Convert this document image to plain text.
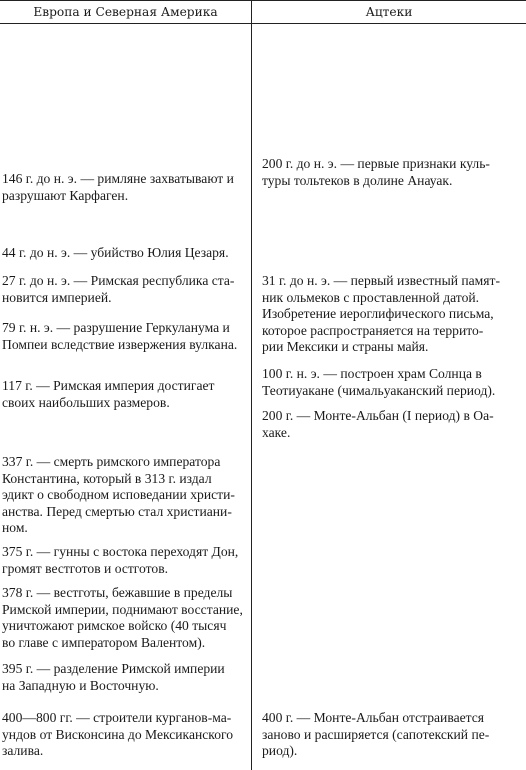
Европа и Северная Америка	Ацтеки
146 г. до н. э. — римляне захватывают и
разрушают Карфаген.
44 г. до н. э. — убийство Юлия Цезаря.
27 г. до н. э. — Римская республика ста-
новится империей.
79 г. н. э. — разрушение Геркуланума и
Помпеи вследствие извержения вулкана.
117 г. — Римская империя достигает
своих наибольших размеров.
337 г. — смерть римского императора
Константина, который в 313 г. издал
эдикт о свободном исповедании христи-
анства. Перед смертью стал христиани-
ном.
375 г. — гунны с востока переходят Дон,
громят вестготов и остготов.
378 г. — вестготы, бежавшие в пределы
Римской империи, поднимают восстание,
уничтожают римское войско (40 тысяч
во главе с императором Валентом).
395 г. — разделение Римской империи
на Западную и Восточную.
400—800 гг. — строители курганов-ма-
ундов от Висконсина до Мексиканского
залива.
200 г. до н. э. — первые признаки куль-
туры тольтеков в долине Анауак.
31 г. до н. э. — первый известный памят-
ник ольмеков с проставленной датой.
Изобретение иероглифического письма,
которое распространяется на террито-
рии Мексики и страны майя.
100 г. н. э. — построен храм Солнца в
Теотиуакане (чимальуаканский период).
200 г. — Монте-Альбан (I период) в Оа-
хаке.
400 г. — Монте-Альбан отстраивается
заново и расширяется (сапотекский пе-
риод).
